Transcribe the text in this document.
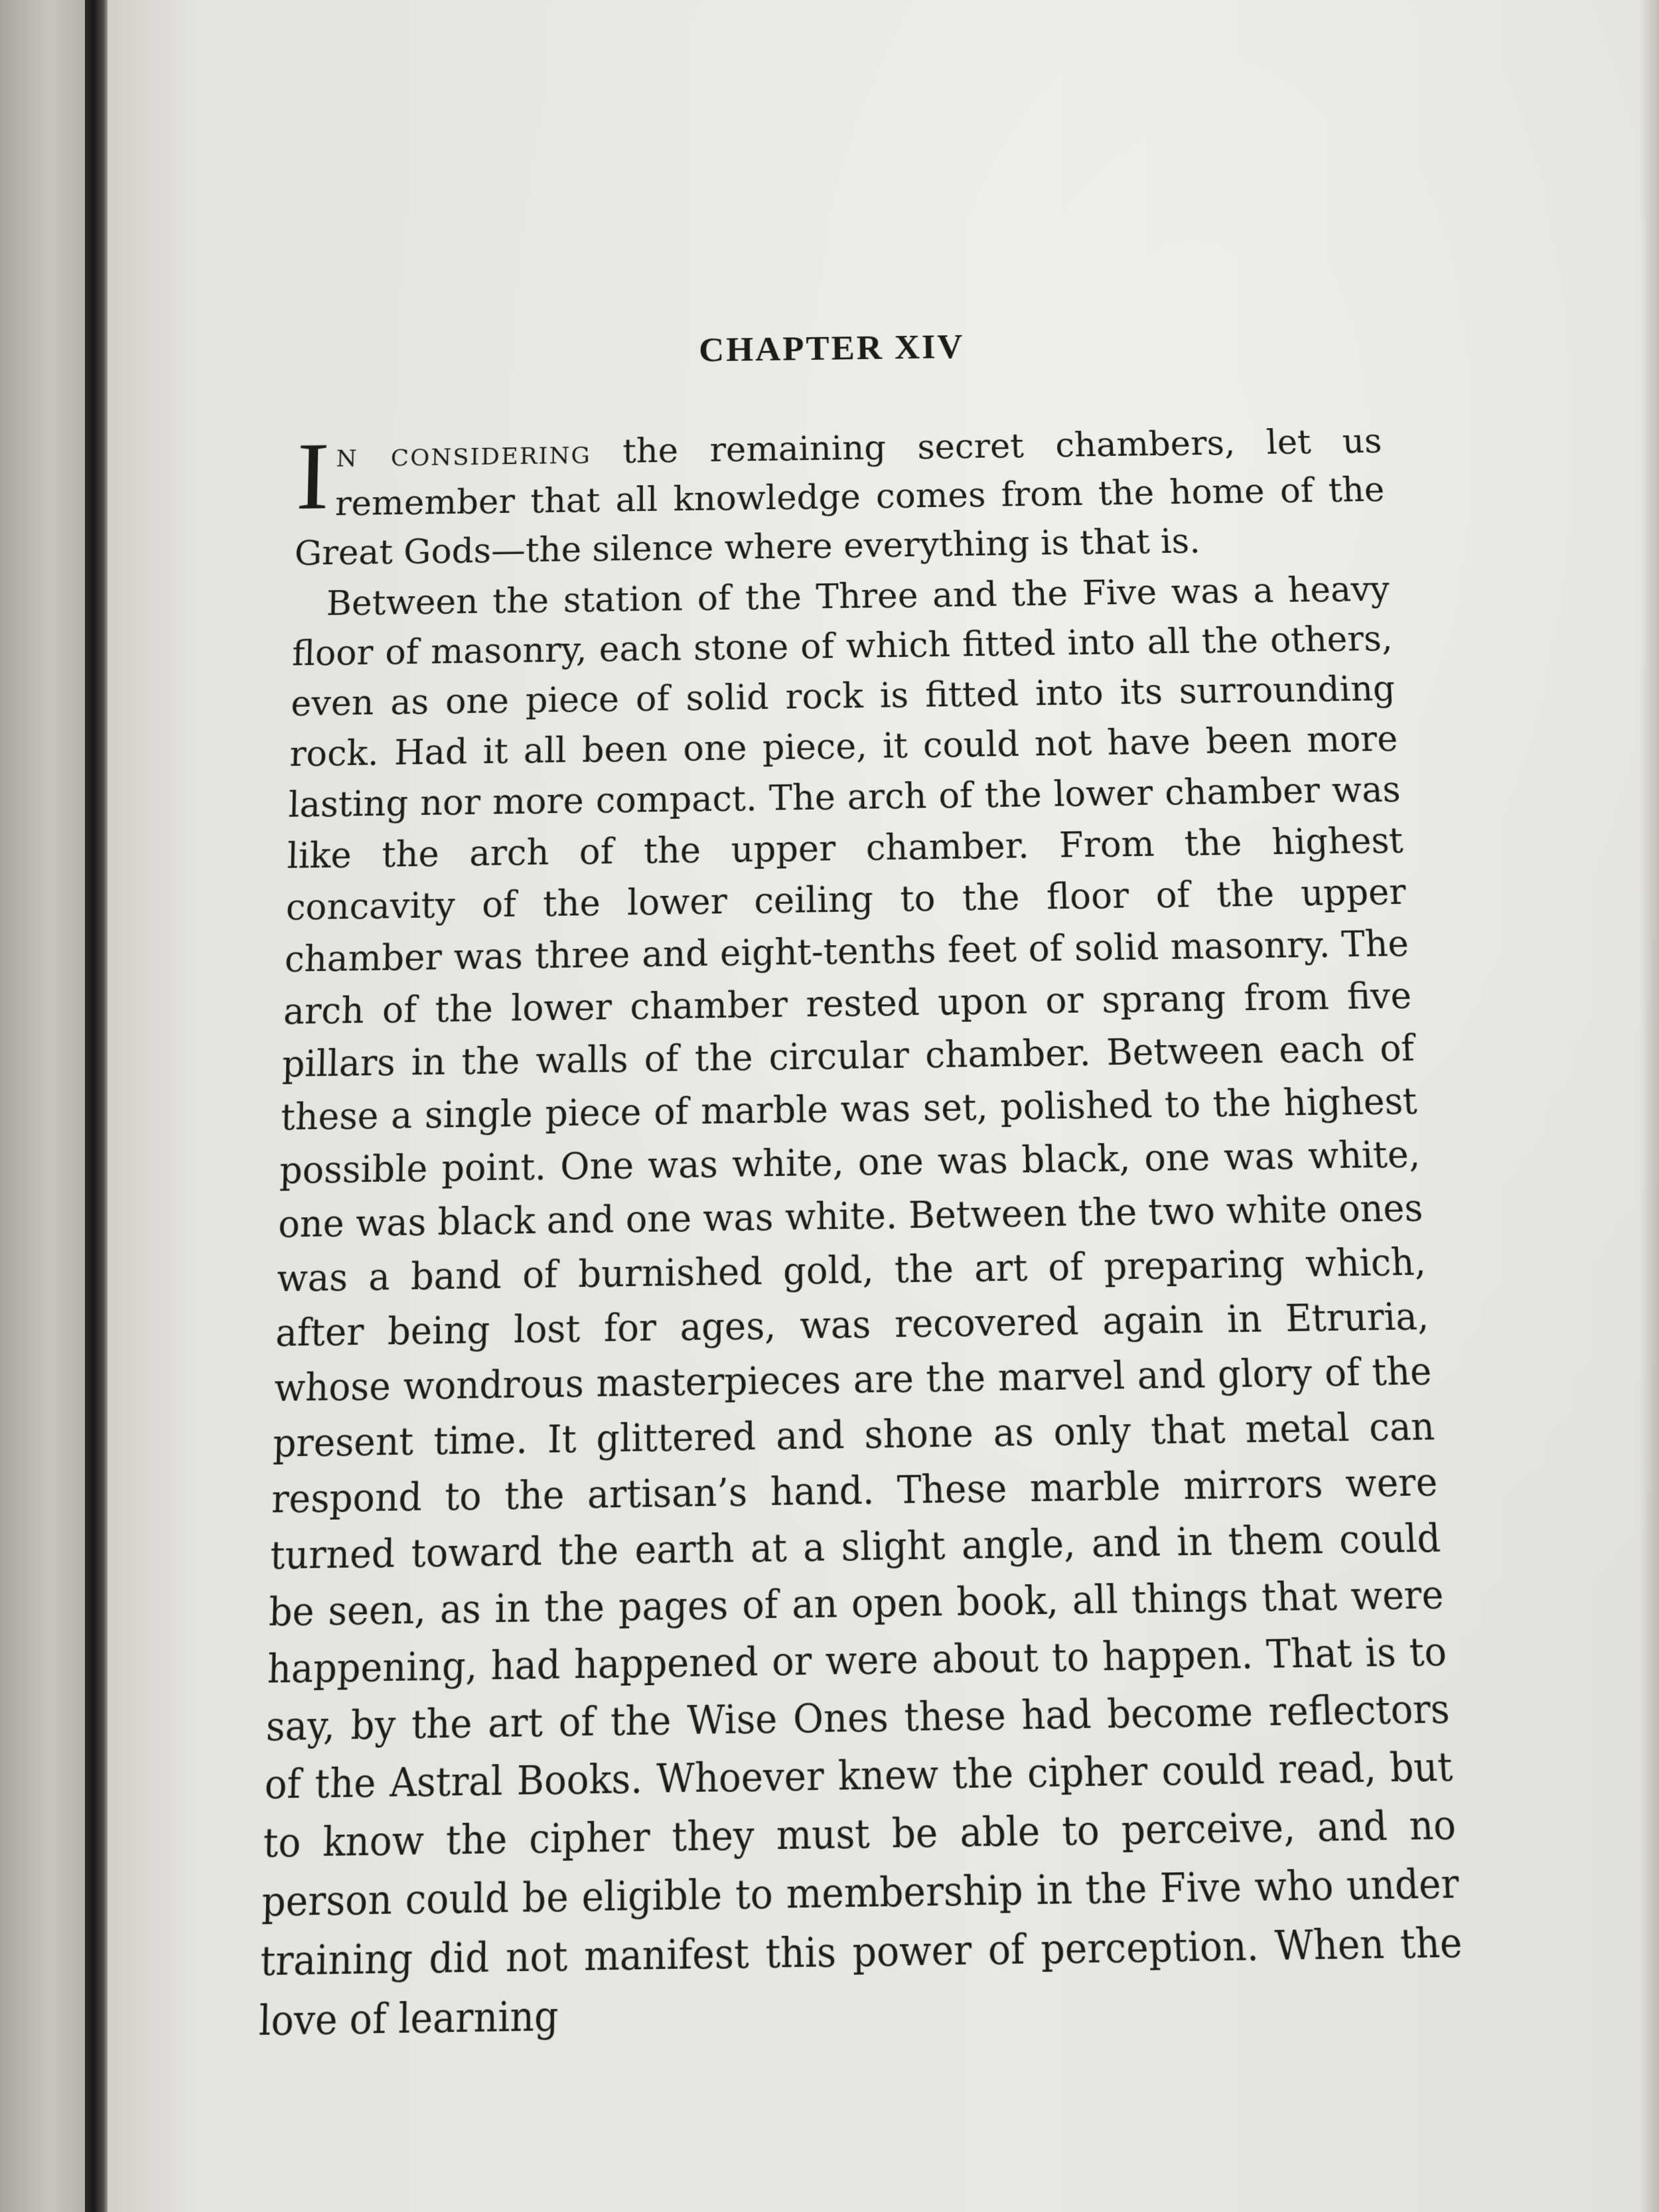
CHAPTER XIV

In considering the remaining secret chambers, let us remember that all knowledge comes from the home of the Great Gods—the silence where everything is that is.

Between the station of the Three and the Five was a heavy floor of masonry, each stone of which fitted into all the others, even as one piece of solid rock is fitted into its surrounding rock. Had it all been one piece, it could not have been more lasting nor more compact. The arch of the lower chamber was like the arch of the upper chamber. From the highest concavity of the lower ceiling to the floor of the upper chamber was three and eight-tenths feet of solid masonry. The arch of the lower chamber rested upon or sprang from five pillars in the walls of the circular chamber. Between each of these a single piece of marble was set, polished to the highest possible point. One was white, one was black, one was white, one was black and one was white. Between the two white ones was a band of burnished gold, the art of preparing which, after being lost for ages, was recovered again in Etruria, whose wondrous masterpieces are the marvel and glory of the present time. It glittered and shone as only that metal can respond to the artisan’s hand. These marble mirrors were turned toward the earth at a slight angle, and in them could be seen, as in the pages of an open book, all things that were happening, had happened or were about to happen. That is to say, by the art of the Wise Ones these had become reflectors of the Astral Books. Whoever knew the cipher could read, but to know the cipher they must be able to perceive, and no person could be eligible to membership in the Five who under training did not manifest this power of perception. When the love of learning
